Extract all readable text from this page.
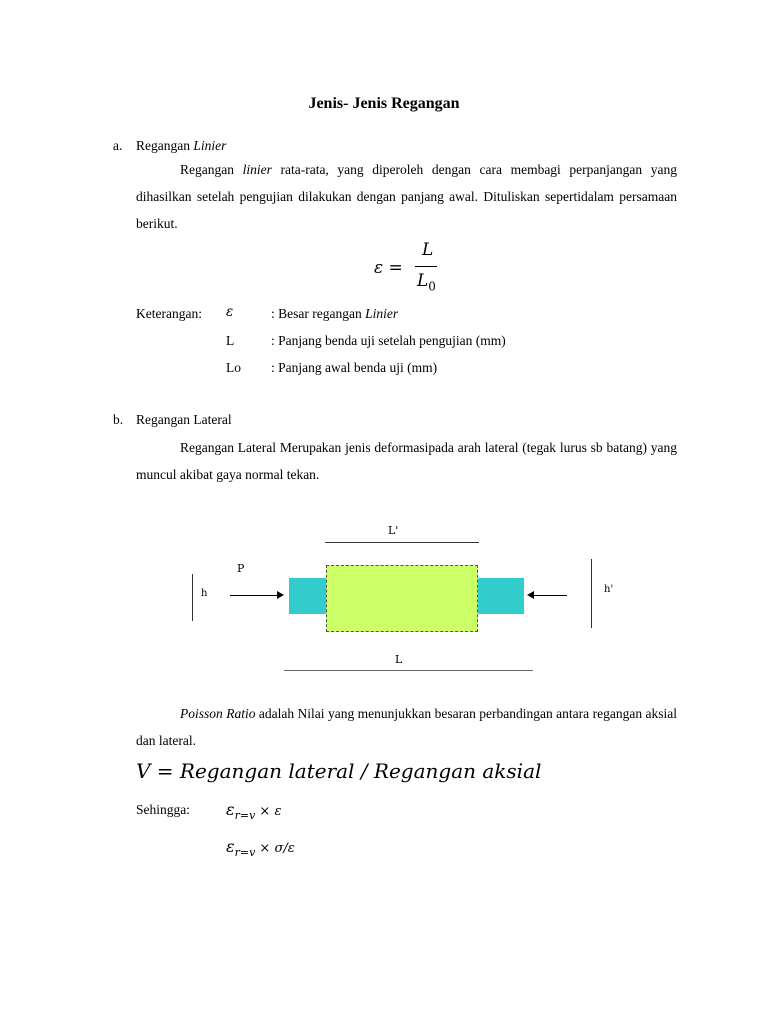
Jenis- Jenis Regangan
a. Regangan Linier
Regangan linier rata-rata, yang diperoleh dengan cara membagi perpanjangan yang dihasilkan setelah pengujian dilakukan dengan panjang awal. Dituliskan sepertidalam persamaan berikut.
ε =
L
$L_0$
Keterangan: ε	: Besar regangan Linier
L	: Panjang benda uji setelah pengujian (mm)
Lo : Panjang awal benda uji (mm)
b. Regangan Lateral
Regangan Lateral Merupakan jenis deformasipada arah lateral (tegak lurus sb batang) yang muncul akibat gaya normal tekan.
L'
P
h	h'
L
Poisson Ratio adalah Nilai yang menunjukkan besaran perbandingan antara regangan aksial dan lateral.
V = Regangan lateral / Regangan aksial
Sehingga: $\varepsilon_{r=v} \times \varepsilon$
$\varepsilon_{r=v} \times \sigma/\varepsilon$
